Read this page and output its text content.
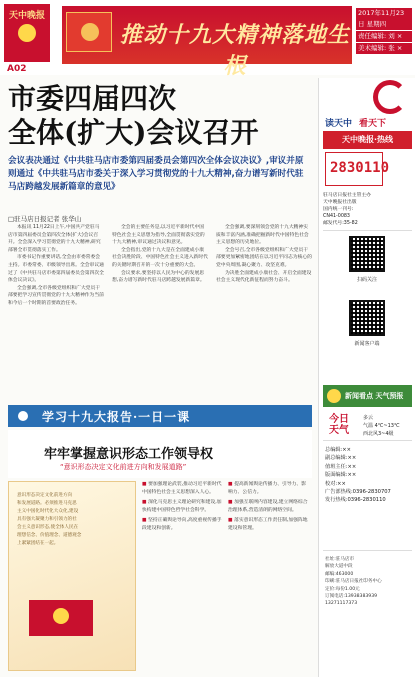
天中晚报
A02
推动十九大精神落地生根
2017年11月23日 星期四
责任编辑: 刘 ×
美术编辑: 张 ×
市委四届四次
全体(扩大)会议召开
会议表决通过《中共驻马店市委第四届委员会第四次全体会议决议》,审议并原则通过《中共驻马店市委关于深入学习贯彻党的十九大精神,奋力谱写新时代驻马店跨越发展新篇章的意见》
□驻马店日报记者 张华山

本报讯 11月22日上午,中国共产党驻马店市第四届委员会第四次全体(扩大)会议召开。全会深入学习贯彻党的十九大精神,研究部署全市贯彻落实工作。

市委书记作重要讲话,全会由市委常委会主持。市委常委、市级领导出席。全会审议通过了《中共驻马店市委第四届委员会第四次全体会议决议》。

全会强调,全市各级党组织和广大党员干部要把学习宣传贯彻党的十九大精神作为当前和今后一个时期的首要政治任务。

全会的主要任务是,以习近平新时代中国特色社会主义思想为指导,全面贯彻落实党的十九大精神,审议通过决议和意见。

全会指出,党的十九大是在全面建成小康社会决胜阶段、中国特色社会主义进入新时代的关键时期召开的一次十分重要的大会。

会议要求,要坚持以人民为中心的发展思想,奋力谱写新时代驻马店跨越发展新篇章。

全会强调,要深刻领会党的十九大精神实质和丰富内涵,准确把握新时代中国特色社会主义思想的历史地位。

全会号召,全市各级党组织和广大党员干部要更加紧密地团结在以习近平同志为核心的党中央周围,凝心聚力、攻坚克难。

为决胜全面建成小康社会、开启全面建设社会主义现代化新征程而努力奋斗。

学习十九大报告·一日一课
牢牢掌握意识形态工作领导权
“意识形态决定文化前进方向和发展道路”
意识形态决定文化前进方向
和发展道路。必须推进马克思
主义中国化时代化大众化,建设
具有强大凝聚力和引领力的社
会主义意识形态,使全体人民在
理想信念、价值理念、道德观念
上紧紧团结在一起。

■ 要加强理论武装,推动习近平新时代中国特色社会主义思想深入人心。

■ 深化马克思主义理论研究和建设,加快构建中国特色哲学社会科学。

■ 坚持正确舆论导向,高度重视传播手段建设和创新。

■ 提高新闻舆论传播力、引导力、影响力、公信力。

■ 加强互联网内容建设,建立网络综合治理体系,营造清朗的网络空间。

■ 落实意识形态工作责任制,加强阵地建设和管理。

读天中 看天下
天中晚报·热线
2830110
驻马店日报社主管主办
天中晚报社出版
国内统一刊号:
CN41-0083
邮发代号:35-82
扫码关注
新闻客户端
新闻看点 天气预报
今日
天气
多云
气温 4℃~13℃
西北风3~4级
总编辑:××
副总编辑:××
值班主任:××
版面编辑:××
校对:××
广告部热线:0396-2830707
发行热线:0396-2830110
社址:驻马店市
解放大道中段
邮编:463000
印刷:驻马店日报社印务中心
定价:每份1.00元
订阅电话:13938383939
13271117373
